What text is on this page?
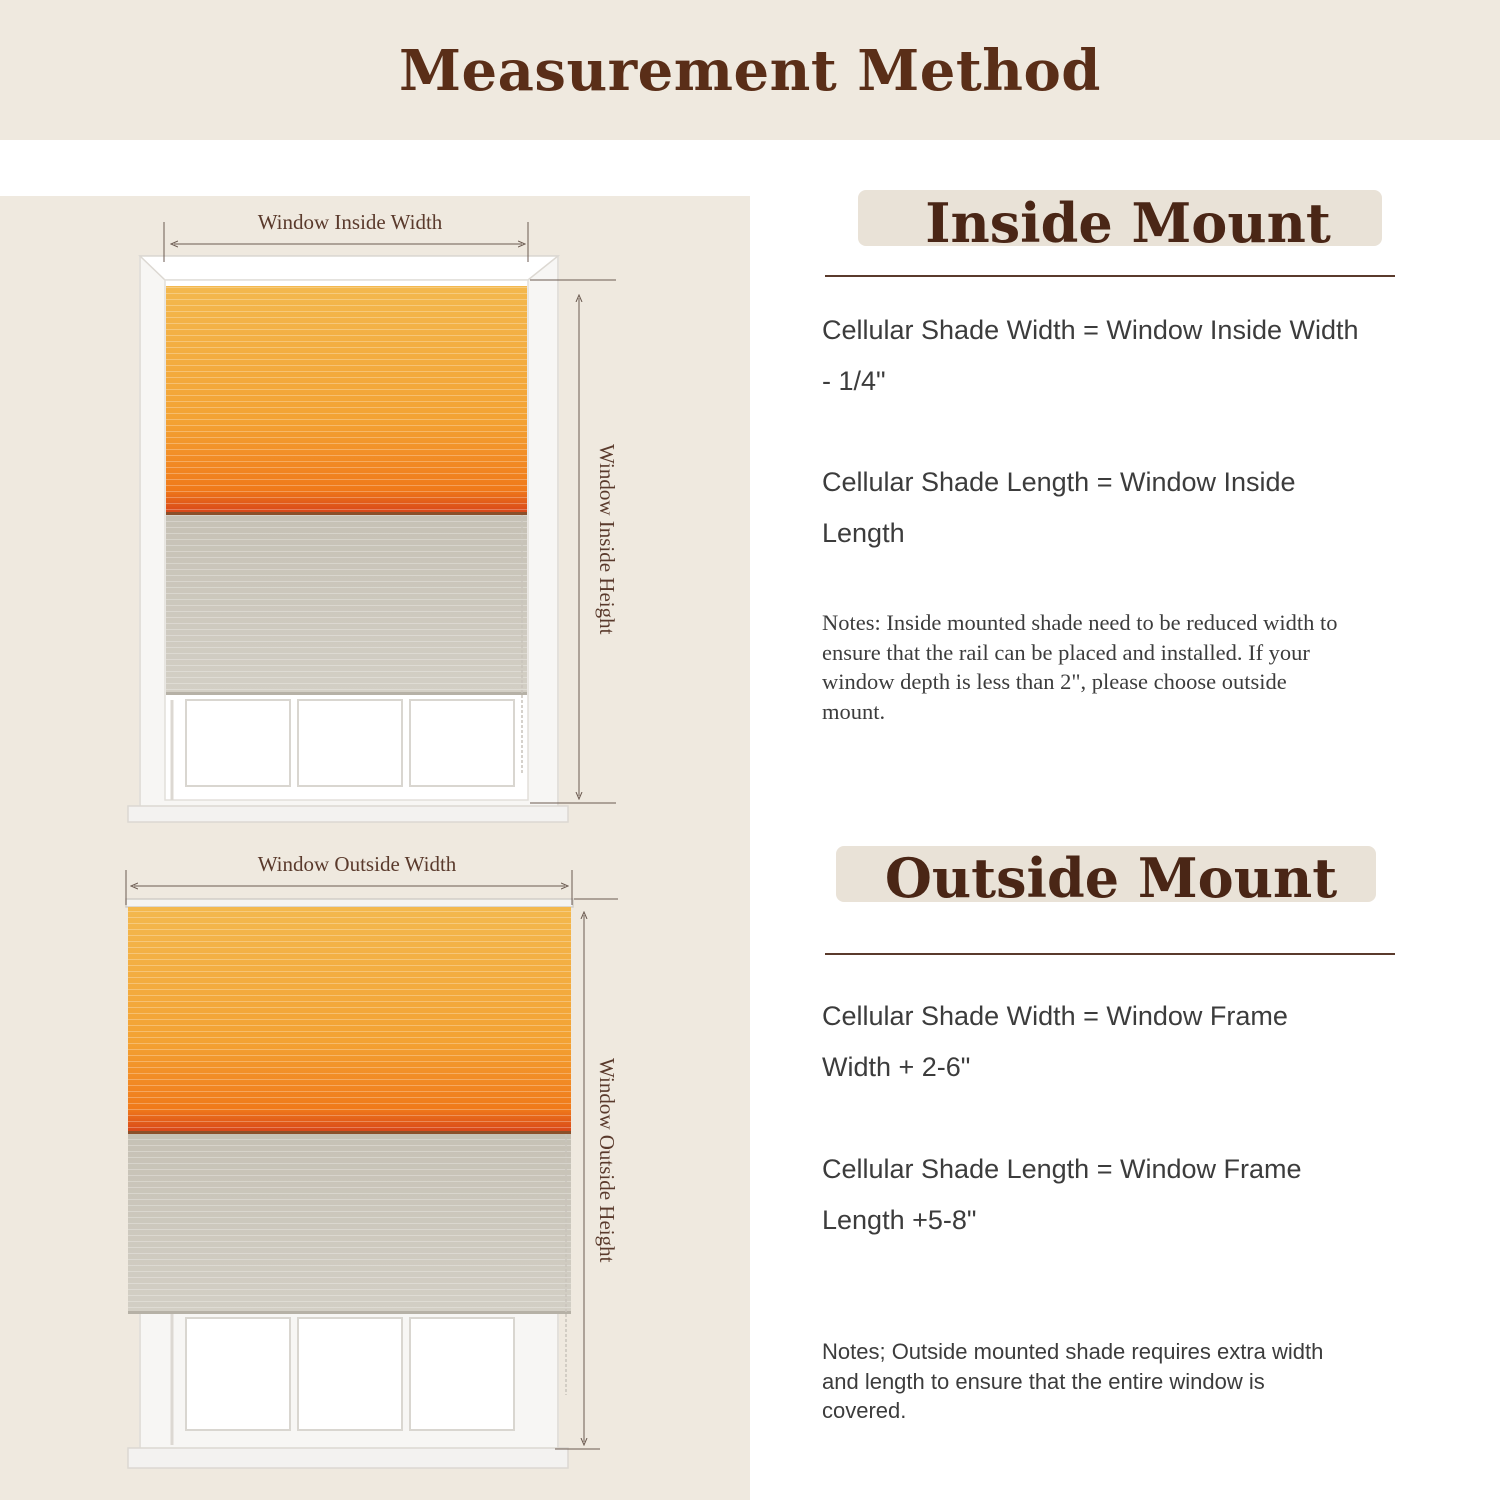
Measurement Method
Window Inside Width
Window Inside Height
Window Outside Width
Window Outside Height
Inside Mount
Cellular Shade Width = Window Inside Width - 1/4"
Cellular Shade Length = Window Inside Length
Notes: Inside mounted shade need to be reduced width to ensure that the rail can be placed and installed. If your window depth is less than 2", please choose outside mount.
Outside Mount
Cellular Shade Width = Window Frame Width + 2-6"
Cellular Shade Length = Window Frame Length +5-8"
Notes; Outside mounted shade requires extra width and length to ensure that the entire window is covered.
